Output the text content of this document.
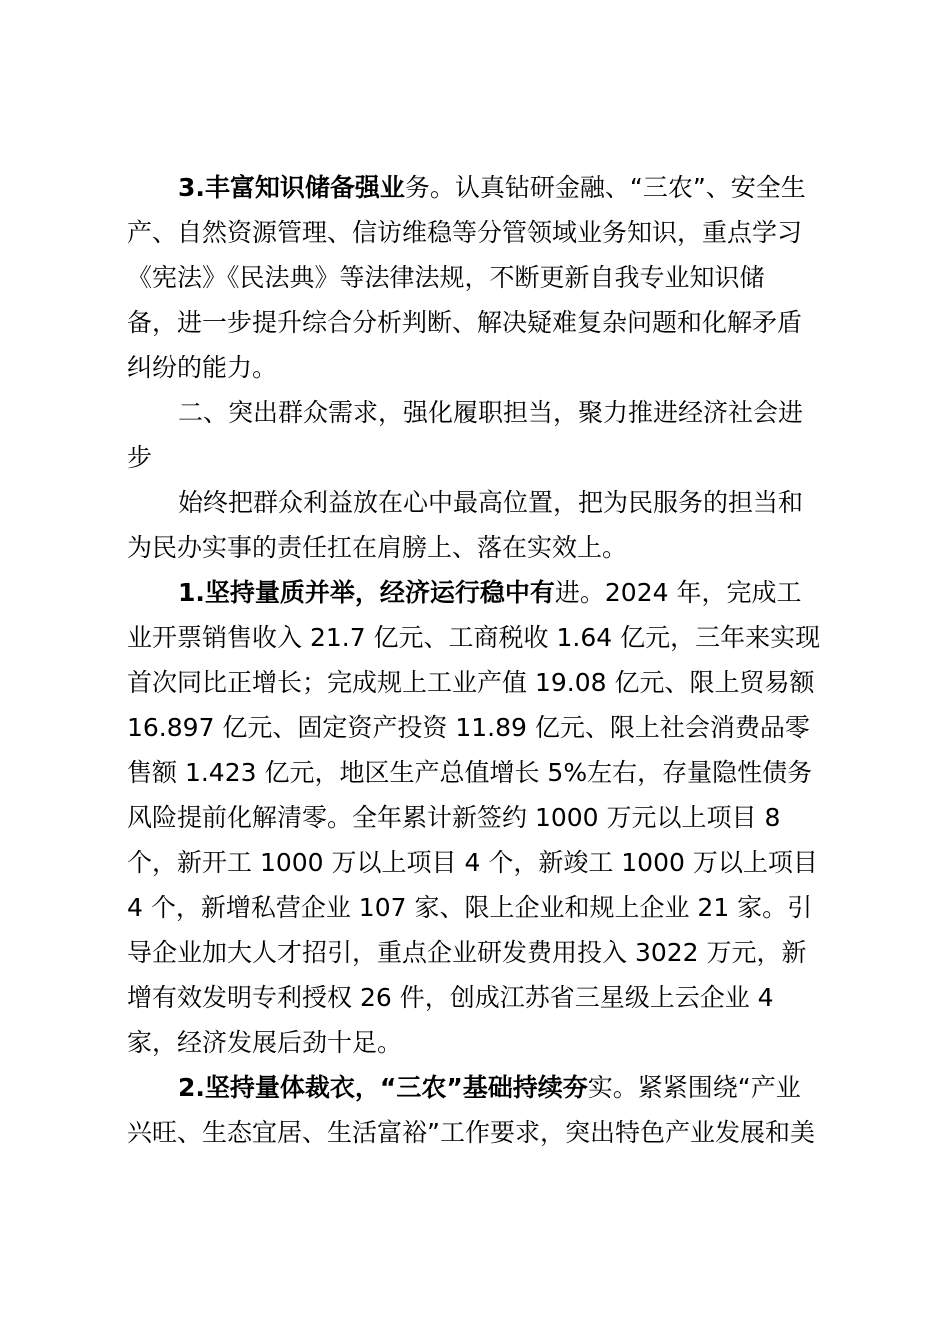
3.丰富知识储备强业务。认真钻研金融、“三农”、安全生
产、自然资源管理、信访维稳等分管领域业务知识，重点学习
《宪法》《民法典》等法律法规，不断更新自我专业知识储
备，进一步提升综合分析判断、解决疑难复杂问题和化解矛盾
纠纷的能力。
二、突出群众需求，强化履职担当，聚力推进经济社会进
步
始终把群众利益放在心中最高位置，把为民服务的担当和
为民办实事的责任扛在肩膀上、落在实效上。
1.坚持量质并举，经济运行稳中有进。2024 年，完成工
业开票销售收入 21.7 亿元、工商税收 1.64 亿元，三年来实现
首次同比正增长；完成规上工业产值 19.08 亿元、限上贸易额
16.897 亿元、固定资产投资 11.89 亿元、限上社会消费品零
售额 1.423 亿元，地区生产总值增长 5%左右，存量隐性债务
风险提前化解清零。全年累计新签约 1000 万元以上项目 8
个，新开工 1000 万以上项目 4 个，新竣工 1000 万以上项目
4 个，新增私营企业 107 家、限上企业和规上企业 21 家。引
导企业加大人才招引，重点企业研发费用投入 3022 万元，新
增有效发明专利授权 26 件，创成江苏省三星级上云企业 4
家，经济发展后劲十足。
2.坚持量体裁衣，“三农”基础持续夯实。紧紧围绕“产业
兴旺、生态宜居、生活富裕”工作要求，突出特色产业发展和美
